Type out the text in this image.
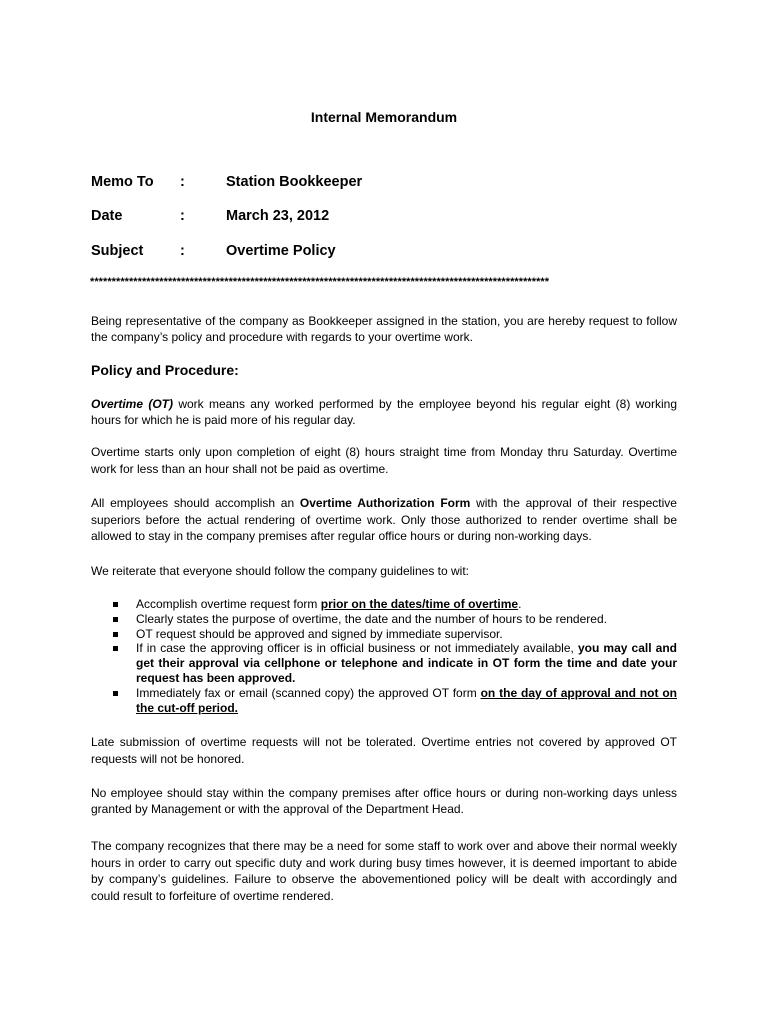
Internal Memorandum
Memo To :	Station Bookkeeper
Date	:	March 23, 2012
Subject	:	Overtime Policy
**********************************************************************************************************

Being representative of the company as Bookkeeper assigned in the station, you are hereby request to follow the company’s policy and procedure with regards to your overtime work.

Policy and Procedure:

Overtime (OT) work means any worked performed by the employee beyond his regular eight (8) working hours for which he is paid more of his regular day.

Overtime starts only upon completion of eight (8) hours straight time from Monday thru Saturday. Overtime work for less than an hour shall not be paid as overtime.

All employees should accomplish an Overtime Authorization Form with the approval of their respective superiors before the actual rendering of overtime work. Only those authorized to render overtime shall be allowed to stay in the company premises after regular office hours or during non-working days.

We reiterate that everyone should follow the company guidelines to wit:

Accomplish overtime request form prior on the dates/time of overtime.
Clearly states the purpose of overtime, the date and the number of hours to be rendered.
OT request should be approved and signed by immediate supervisor.
If in case the approving officer is in official business or not immediately available, you may call and get their approval via cellphone or telephone and indicate in OT form the time and date your request has been approved.
Immediately fax or email (scanned copy) the approved OT form on the day of approval and not on the cut-off period.

Late submission of overtime requests will not be tolerated. Overtime entries not covered by approved OT requests will not be honored.

No employee should stay within the company premises after office hours or during non-working days unless granted by Management or with the approval of the Department Head.

The company recognizes that there may be a need for some staff to work over and above their normal weekly hours in order to carry out specific duty and work during busy times however, it is deemed important to abide by company’s guidelines. Failure to observe the abovementioned policy will be dealt with accordingly and could result to forfeiture of overtime rendered.
